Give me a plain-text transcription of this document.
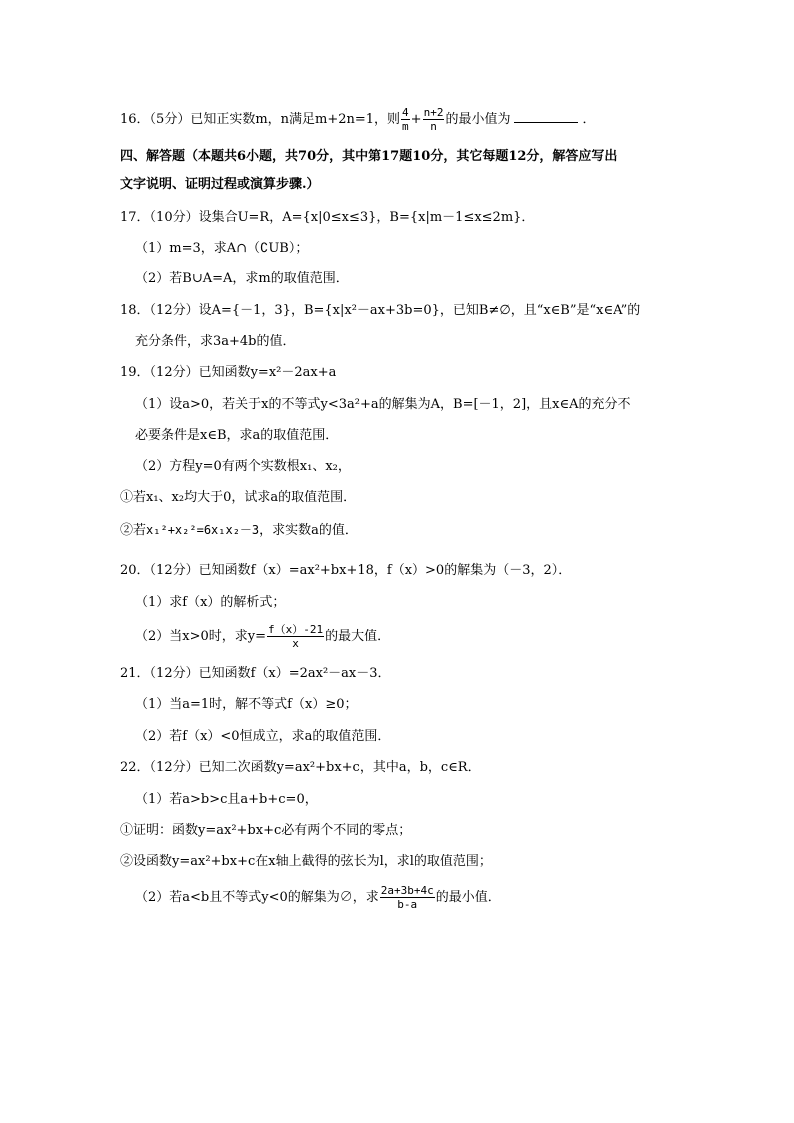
16．（5分）已知正实数m，n满足m+2n=1，则 $\frac{4}{m} + \frac{n+2}{n}$ 的最小值为	．
四、解答题（本题共6小题，共70分，其中第17题10分，其它每题12分，解答应写出
文字说明、证明过程或演算步骤.）
17．（10分）设集合U=R，A={x|0≤x≤3}，B={x|m－1≤x≤2m}．
（1）m=3，求A∩（∁UB）；
（2）若B∪A=A，求m的取值范围．
18．（12分）设A={－1，3}，B={x|x²－ax+3b=0}，已知B≠∅，且“x∈B”是“x∈A”的
充分条件，求3a+4b的值．
19．（12分）已知函数y=x²－2ax+a
（1）设a>0，若关于x的不等式y<3a²+a的解集为A，B=[－1，2]，且x∈A的充分不
必要条件是x∈B，求a的取值范围．
（2）方程y=0有两个实数根x₁、x₂，
①若x₁、x₂均大于0，试求a的取值范围．
②若x₁²+x₂²=6x₁x₂－3，求实数a的值．
20．（12分）已知函数f（x）=ax²+bx+18，f（x）>0的解集为（－3，2）．
（1）求f（x）的解析式；
（2）当x>0时，求$y= \frac{f(x)-21}{x}$ 的最大值．
21．（12分）已知函数f（x）=2ax²－ax－3．
（1）当a=1时，解不等式f（x）≥0；
（2）若f（x）<0恒成立，求a的取值范围．
22．（12分）已知二次函数y=ax²+bx+c，其中a，b，c∈R．
（1）若a>b>c且a+b+c=0，
①证明：函数y=ax²+bx+c必有两个不同的零点；
②设函数y=ax²+bx+c在x轴上截得的弦长为l，求l的取值范围；
（2）若a<b且不等式y<0的解集为∅，求 $\frac{2a+3b+4c}{b-a}$ 的最小值．
